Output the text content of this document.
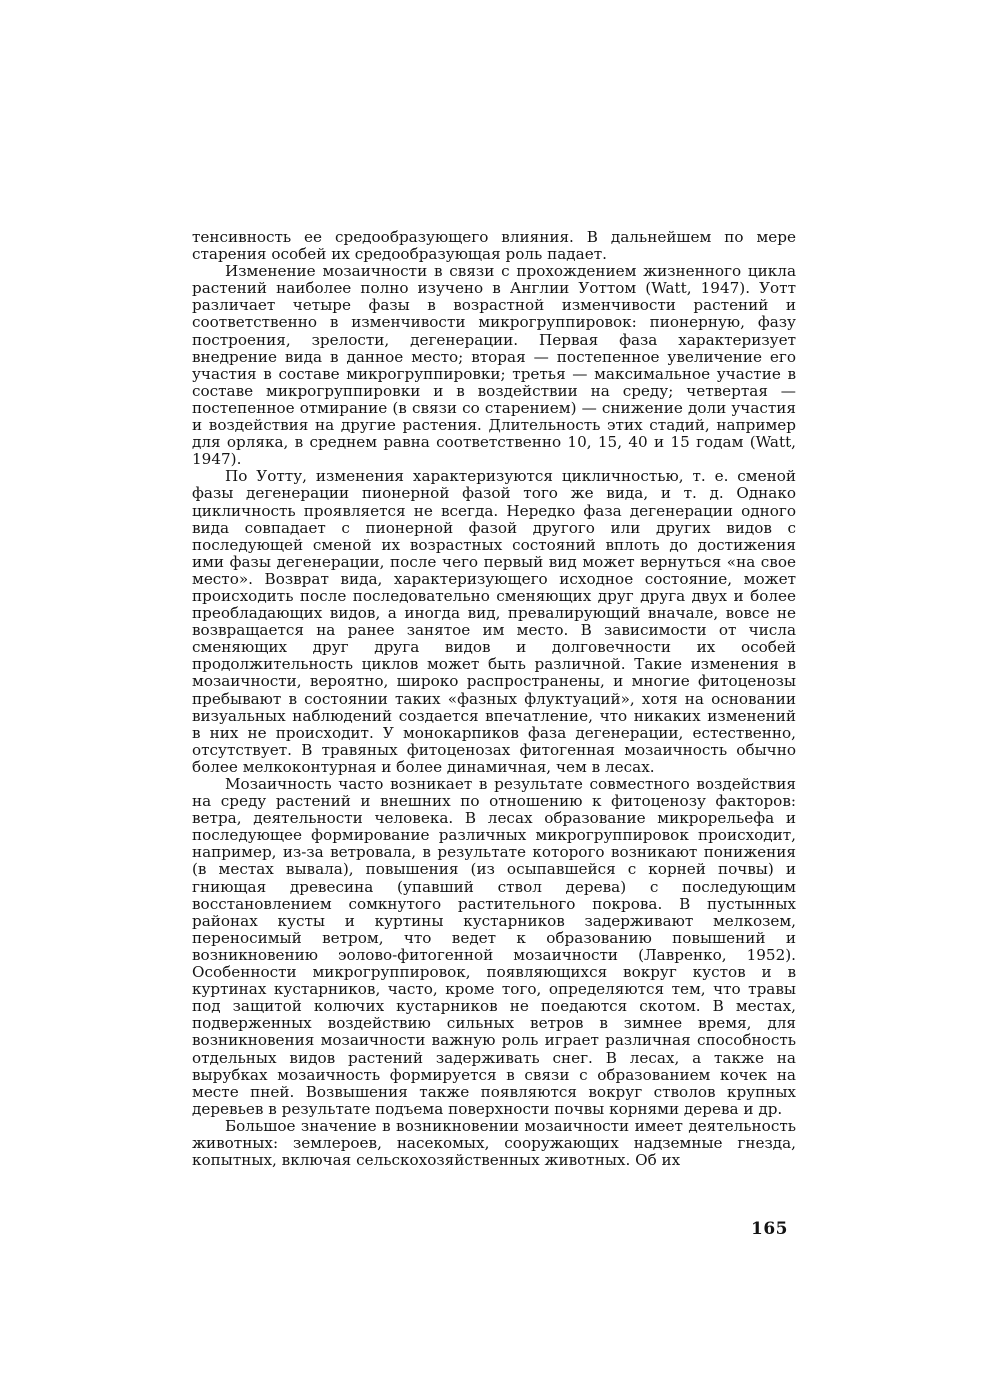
тенсивность ее средообразующего влияния. В дальнейшем по мере старения особей их средообразующая роль падает.

Изменение мозаичности в связи с прохождением жизненного цикла растений наиболее полно изучено в Англии Уоттом (Watt, 1947). Уотт различает четыре фазы в возрастной изменчивости растений и соответственно в изменчивости микрогруппировок: пионерную, фазу построения, зрелости, дегенерации. Первая фаза характеризует внедрение вида в данное место; вторая — постепенное увеличение его участия в составе микрогруппировки; третья — максимальное участие в составе микрогруппировки и в воздействии на среду; четвертая — постепенное отмирание (в связи со старением) — снижение доли участия и воздействия на другие растения. Длительность этих стадий, например для орляка, в среднем равна соответственно 10, 15, 40 и 15 годам (Watt, 1947).

По Уотту, изменения характеризуются цикличностью, т. е. сменой фазы дегенерации пионерной фазой того же вида, и т. д. Однако цикличность проявляется не всегда. Нередко фаза дегенерации одного вида совпадает с пионерной фазой другого или других видов с последующей сменой их возрастных состояний вплоть до достижения ими фазы дегенерации, после чего первый вид может вернуться «на свое место». Возврат вида, характеризующего исходное состояние, может происходить после последовательно сменяющих друг друга двух и более преобладающих видов, а иногда вид, превалирующий вначале, вовсе не возвращается на ранее занятое им место. В зависимости от числа сменяющих друг друга видов и долговечности их особей продолжительность циклов может быть различной. Такие изменения в мозаичности, вероятно, широко распространены, и многие фитоценозы пребывают в состоянии таких «фазных флуктуаций», хотя на основании визуальных наблюдений создается впечатление, что никаких изменений в них не происходит. У монокарпиков фаза дегенерации, естественно, отсутствует. В травяных фитоценозах фитогенная мозаичность обычно более мелкоконтурная и более динамичная, чем в лесах.

Мозаичность часто возникает в результате совместного воздействия на среду растений и внешних по отношению к фитоценозу факторов: ветра, деятельности человека. В лесах образование микрорельефа и последующее формирование различных микрогруппировок происходит, например, из-за ветровала, в результате которого возникают понижения (в местах вывала), повышения (из осыпавшейся с корней почвы) и гниющая древесина (упавший ствол дерева) с последующим восстановлением сомкнутого растительного покрова. В пустынных районах кусты и куртины кустарников задерживают мелкозем, переносимый ветром, что ведет к образованию повышений и возникновению эолово-фитогенной мозаичности (Лавренко, 1952). Особенности микрогруппировок, появляющихся вокруг кустов и в куртинах кустарников, часто, кроме того, определяются тем, что травы под защитой колючих кустарников не поедаются скотом. В местах, подверженных воздействию сильных ветров в зимнее время, для возникновения мозаичности важную роль играет различная способность отдельных видов растений задерживать снег. В лесах, а также на вырубках мозаичность формируется в связи с образованием кочек на месте пней. Возвышения также появляются вокруг стволов крупных деревьев в результате подъема поверхности почвы корнями дерева и др.

Большое значение в возникновении мозаичности имеет деятельность животных: землероев, насекомых, сооружающих надземные гнезда, копытных, включая сельскохозяйственных животных. Об их

165
